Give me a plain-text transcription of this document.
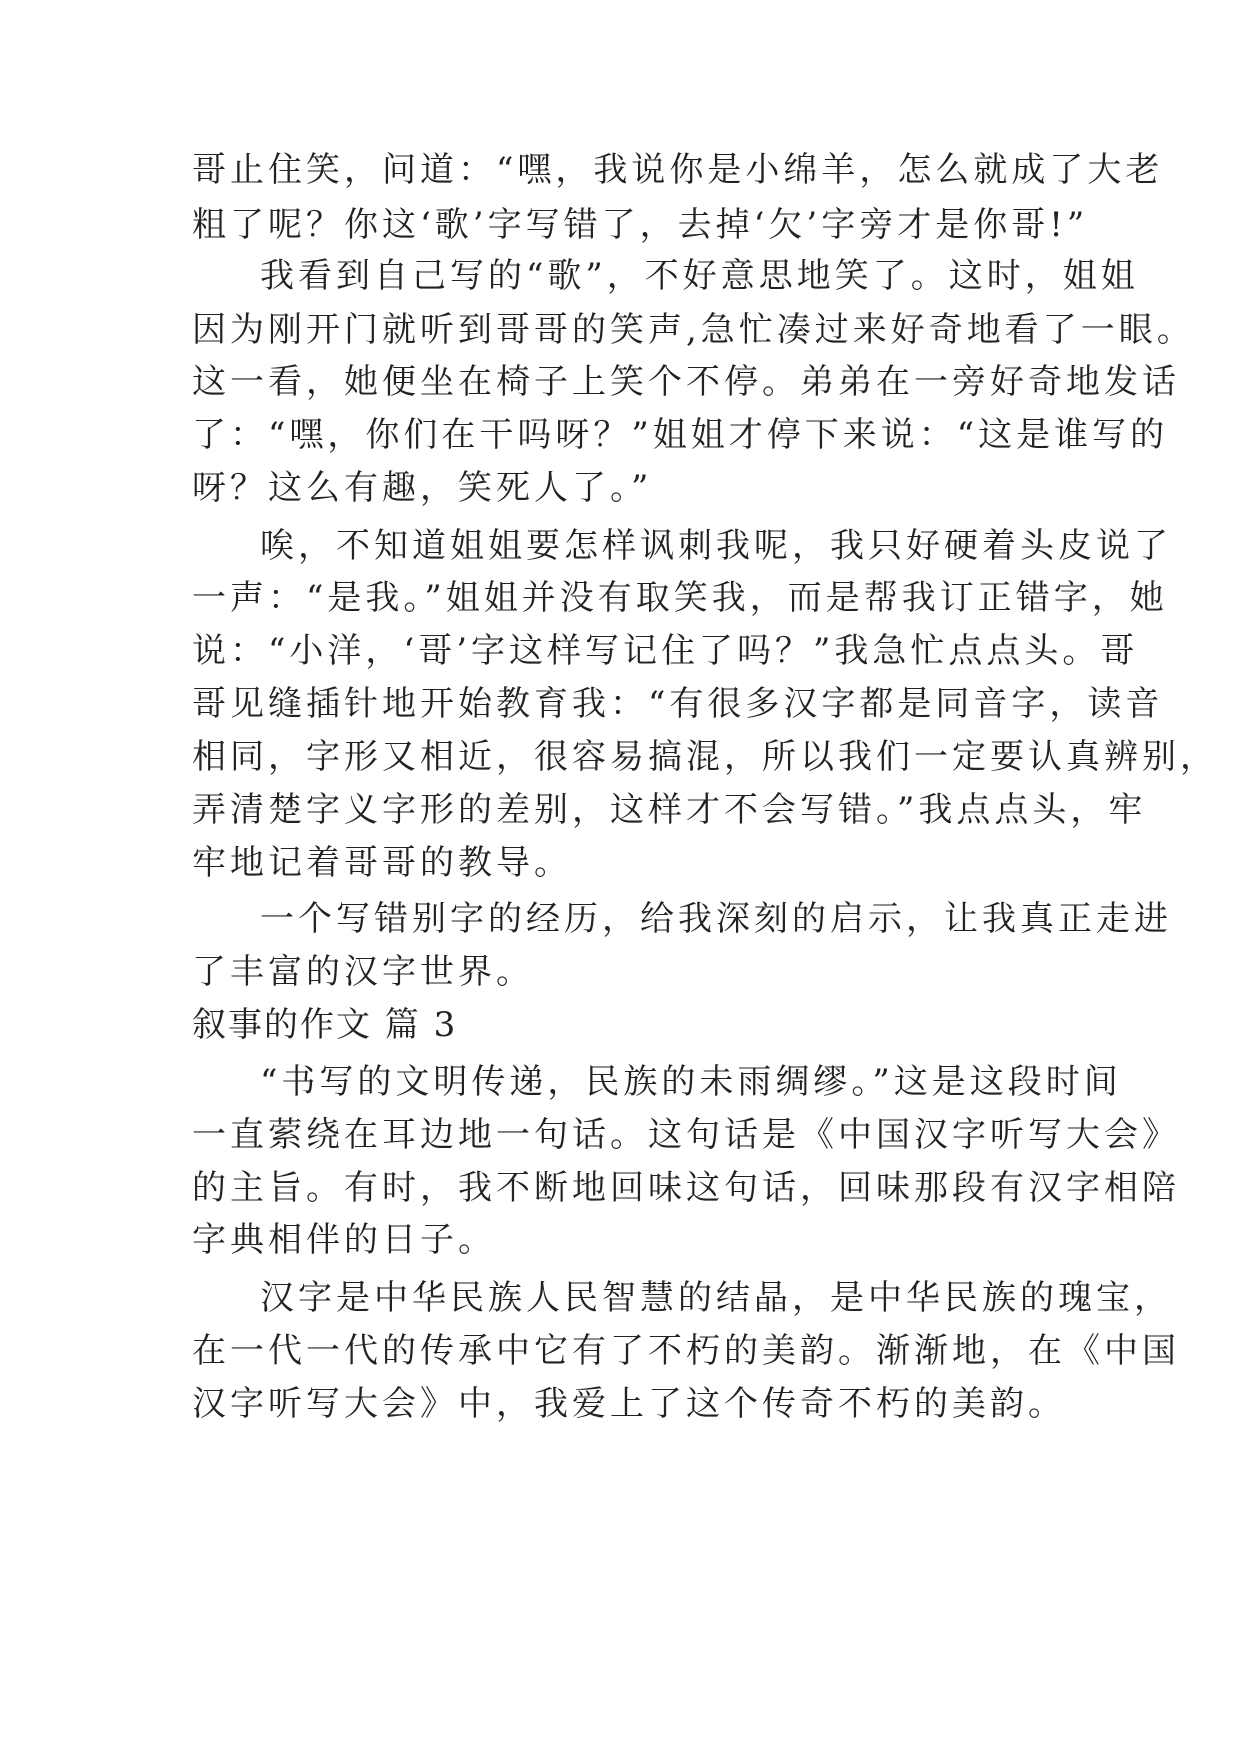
哥止住笑，问道：“嘿，我说你是小绵羊，怎么就成了大老
粗了呢？你这‘歌’字写错了，去掉‘欠’字旁才是你哥!”
我看到自己写的“歌”，不好意思地笑了。这时，姐姐
因为刚开门就听到哥哥的笑声,急忙凑过来好奇地看了一眼。
这一看，她便坐在椅子上笑个不停。弟弟在一旁好奇地发话
了：“嘿，你们在干吗呀？”姐姐才停下来说：“这是谁写的
呀？这么有趣，笑死人了。”
唉，不知道姐姐要怎样讽刺我呢，我只好硬着头皮说了
一声：“是我。”姐姐并没有取笑我，而是帮我订正错字，她
说：“小洋，‘哥’字这样写记住了吗？”我急忙点点头。哥
哥见缝插针地开始教育我：“有很多汉字都是同音字，读音
相同，字形又相近，很容易搞混，所以我们一定要认真辨别，
弄清楚字义字形的差别，这样才不会写错。”我点点头，牢
牢地记着哥哥的教导。
一个写错别字的经历，给我深刻的启示，让我真正走进
了丰富的汉字世界。
叙事的作文 篇 3
“书写的文明传递，民族的未雨绸缪。”这是这段时间
一直萦绕在耳边地一句话。这句话是《中国汉字听写大会》
的主旨。有时，我不断地回味这句话，回味那段有汉字相陪
字典相伴的日子。
汉字是中华民族人民智慧的结晶，是中华民族的瑰宝，
在一代一代的传承中它有了不朽的美韵。渐渐地，在《中国
汉字听写大会》中，我爱上了这个传奇不朽的美韵。
